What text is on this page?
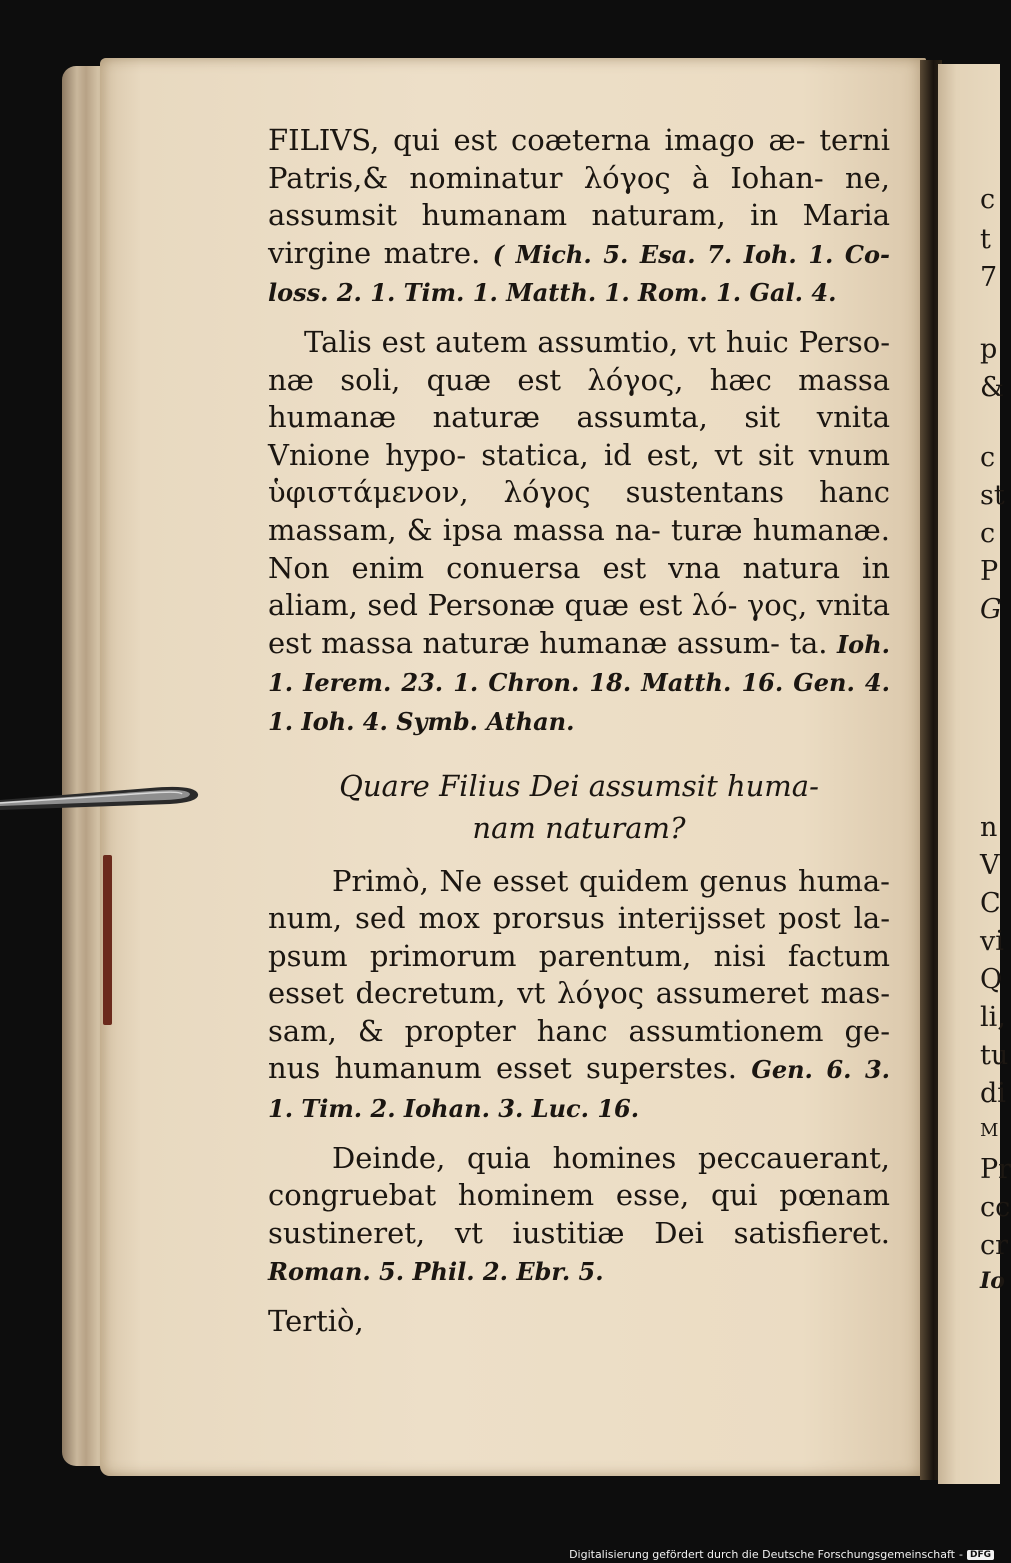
c
t
7
p
&
c
st
c
P
G
n
V
C
vi
Q
li,
tu
di
M
Pr
cc
cr
Io

FILIVS, qui est coæterna imago æ- terni Patris,& nominatur λόγος à Iohan- ne, assumsit humanam naturam, in Maria virgine matre. ( Mich. 5. Esa. 7. Ioh. 1. Co- loss. 2. 1. Tim. 1. Matth. 1. Rom. 1. Gal. 4.

Talis est autem assumtio, vt huic Perso- næ soli, quæ est λόγος, hæc massa humanæ naturæ assumta, sit vnita Vnione hypo- statica, id est, vt sit vnum ὑφιστάμενον, λόγος sustentans hanc massam, & ipsa massa na- turæ humanæ. Non enim conuersa est vna natura in aliam, sed Personæ quæ est λό- γος, vnita est massa naturæ humanæ assum- ta. Ioh. 1. Ierem. 23. 1. Chron. 18. Matth. 16. Gen. 4. 1. Ioh. 4. Symb. Athan.

Quare Filius Dei assumsit huma-
nam naturam?

Primò, Ne esset quidem genus huma- num, sed mox prorsus interijsset post la- psum primorum parentum, nisi factum esset decretum, vt λόγος assumeret mas- sam, & propter hanc assumtionem ge- nus humanum esset superstes. Gen. 6. 3. 1. Tim. 2. Iohan. 3. Luc. 16.

Deinde, quia homines peccauerant, congruebat hominem esse, qui pœnam sustineret, vt iustitiæ Dei satisfieret. Roman. 5. Phil. 2. Ebr. 5.

Tertiò,

Digitalisierung gefördert durch die Deutsche Forschungsgemeinschaft - DFG
